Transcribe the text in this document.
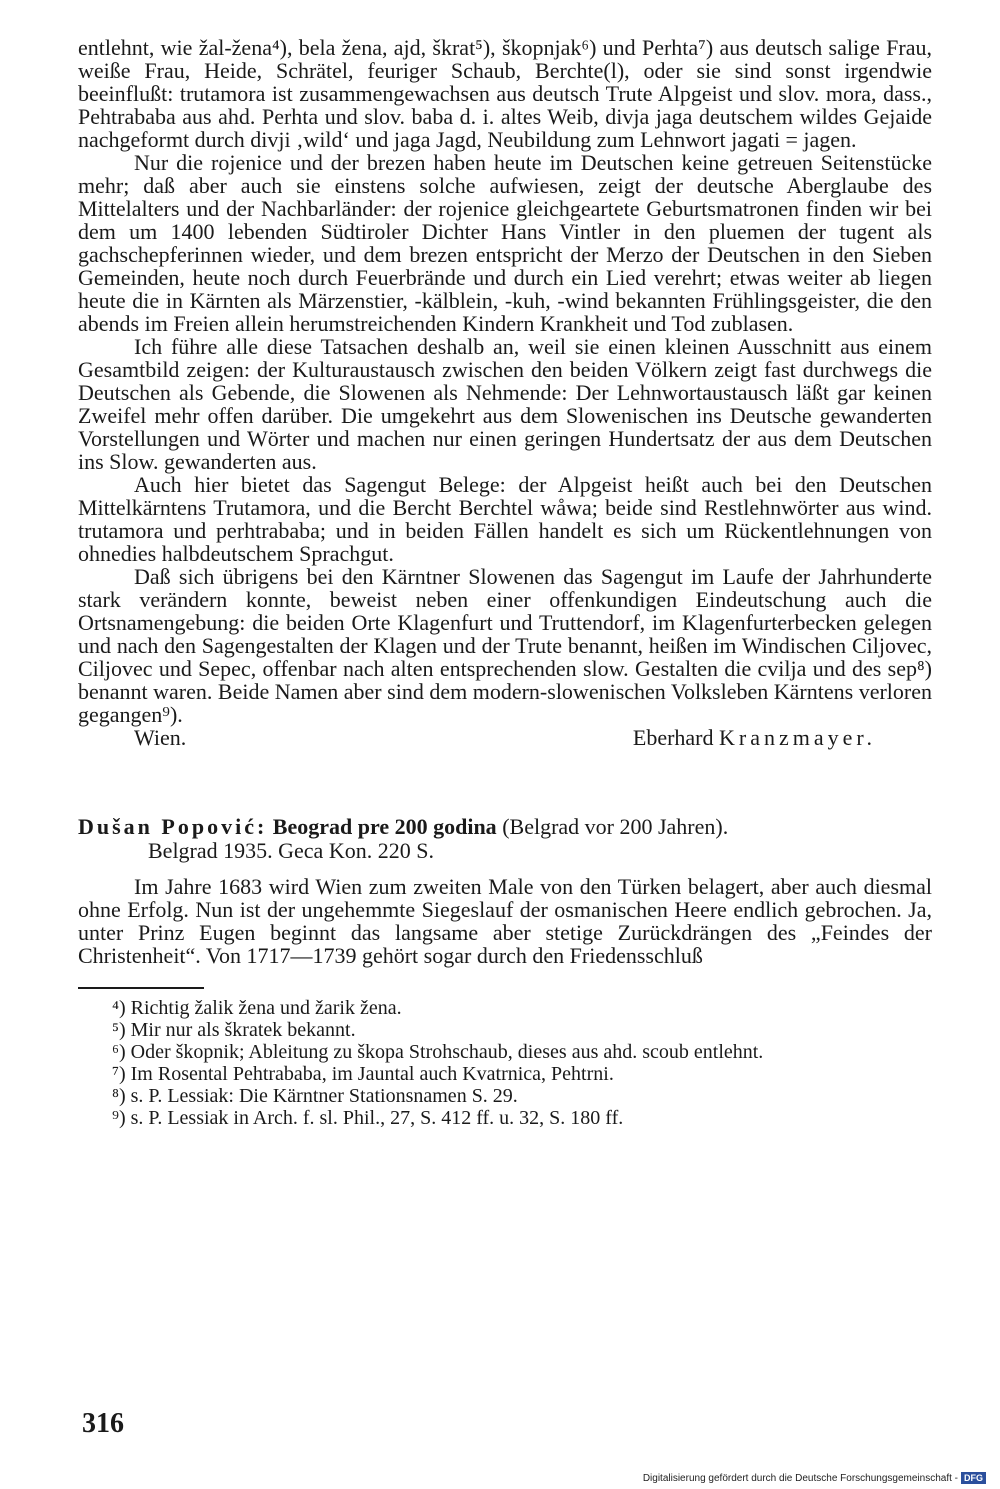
entlehnt, wie žal-žena⁴), bela žena, ajd, škrat⁵), škopnjak⁶) und Perhta⁷) aus deutsch salige Frau, weiße Frau, Heide, Schrätel, feuriger Schaub, Berchte(l), oder sie sind sonst irgendwie beeinflußt: trutamora ist zusammengewachsen aus deutsch Trute Alpgeist und slov. mora, dass., Pehtrababa aus ahd. Perhta und slov. baba d. i. altes Weib, divja jaga deutschem wildes Gejaide nachgeformt durch divji ‚wild‘ und jaga Jagd, Neubildung zum Lehnwort jagati = jagen.

Nur die rojenice und der brezen haben heute im Deutschen keine getreuen Seitenstücke mehr; daß aber auch sie einstens solche aufwiesen, zeigt der deutsche Aberglaube des Mittelalters und der Nachbarländer: der rojenice gleichgeartete Geburtsmatronen finden wir bei dem um 1400 lebenden Südtiroler Dichter Hans Vintler in den pluemen der tugent als gachschepferinnen wieder, und dem brezen entspricht der Merzo der Deutschen in den Sieben Gemeinden, heute noch durch Feuerbrände und durch ein Lied verehrt; etwas weiter ab liegen heute die in Kärnten als Märzenstier, -kälblein, -kuh, -wind bekannten Frühlingsgeister, die den abends im Freien allein herumstreichenden Kindern Krankheit und Tod zublasen.

Ich führe alle diese Tatsachen deshalb an, weil sie einen kleinen Ausschnitt aus einem Gesamtbild zeigen: der Kulturaustausch zwischen den beiden Völkern zeigt fast durchwegs die Deutschen als Gebende, die Slowenen als Nehmende: Der Lehnwortaustausch läßt gar keinen Zweifel mehr offen darüber. Die umgekehrt aus dem Slowenischen ins Deutsche gewanderten Vorstellungen und Wörter und machen nur einen geringen Hundertsatz der aus dem Deutschen ins Slow. gewanderten aus.

Auch hier bietet das Sagengut Belege: der Alpgeist heißt auch bei den Deutschen Mittelkärntens Trutamora, und die Bercht Berchtel wåwa; beide sind Restlehnwörter aus wind. trutamora und perhtrababa; und in beiden Fällen handelt es sich um Rückentlehnungen von ohnedies halbdeutschem Sprachgut.

Daß sich übrigens bei den Kärntner Slowenen das Sagengut im Laufe der Jahrhunderte stark verändern konnte, beweist neben einer offenkundigen Eindeutschung auch die Ortsnamengebung: die beiden Orte Klagenfurt und Truttendorf, im Klagenfurterbecken gelegen und nach den Sagengestalten der Klagen und der Trute benannt, heißen im Windischen Ciljovec, Ciljovec und Sepec, offenbar nach alten entsprechenden slow. Gestalten die cvilja und des sep⁸) benannt waren. Beide Namen aber sind dem modern-slowenischen Volksleben Kärntens verloren gegangen⁹).

Wien.	Eberhard Kranzmayer.
Dušan Popović: Beograd pre 200 godina (Belgrad vor 200 Jahren).
Belgrad 1935. Geca Kon. 220 S.

Im Jahre 1683 wird Wien zum zweiten Male von den Türken belagert, aber auch diesmal ohne Erfolg. Nun ist der ungehemmte Siegeslauf der osmanischen Heere endlich gebrochen. Ja, unter Prinz Eugen beginnt das langsame aber stetige Zurückdrängen des „Feindes der Christenheit“. Von 1717—1739 gehört sogar durch den Friedensschluß

⁴) Richtig žalik žena und žarik žena.

⁵) Mir nur als škratek bekannt.

⁶) Oder škopnik; Ableitung zu škopa Strohschaub, dieses aus ahd. scoub entlehnt.

⁷) Im Rosental Pehtrababa, im Jauntal auch Kvatrnica, Pehtrni.

⁸) s. P. Lessiak: Die Kärntner Stationsnamen S. 29.

⁹) s. P. Lessiak in Arch. f. sl. Phil., 27, S. 412 ff. u. 32, S. 180 ff.

316
Digitalisierung gefördert durch die Deutsche Forschungsgemeinschaft - DFG
